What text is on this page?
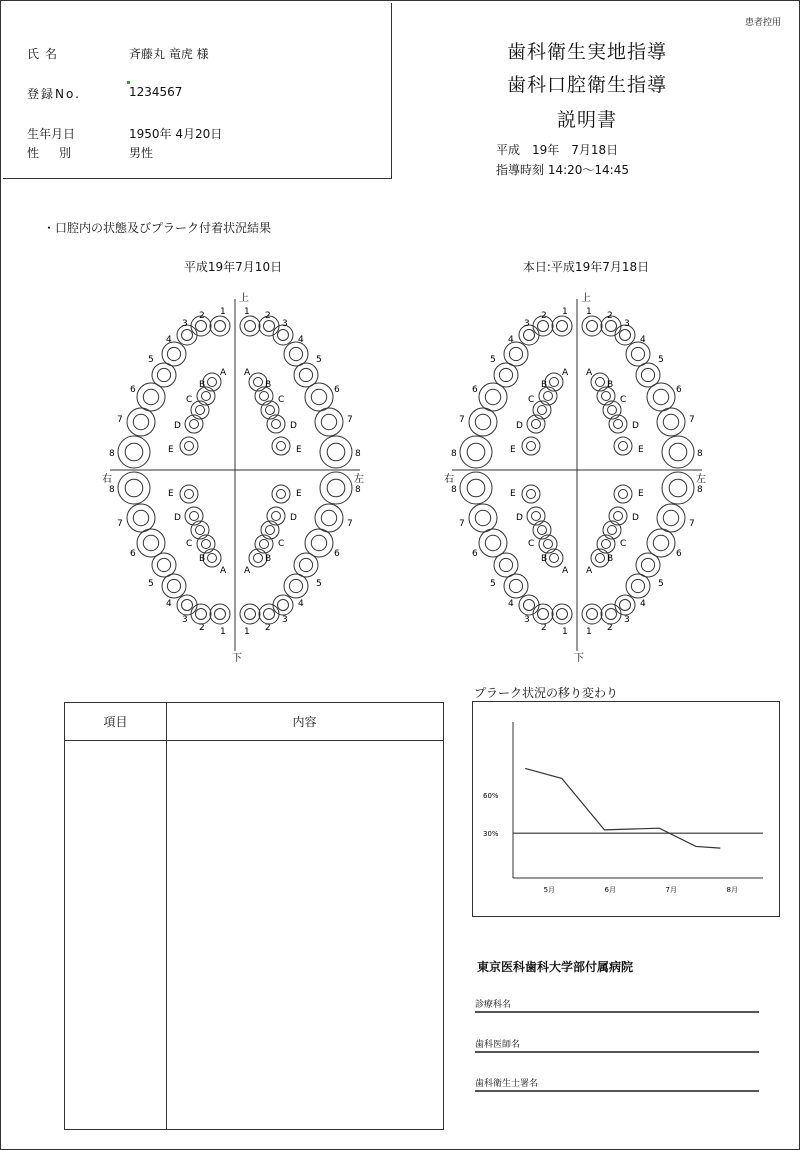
氏名	斉藤丸 竜虎 様
登録No.	1234567
生年月日	1950年 4月20日
性別	男性
患者控用
歯科衛生実地指導
歯科口腔衛生指導
説明書
平成　19年　7月18日
指導時刻 14:20～14:45
・口腔内の状態及びプラーク付着状況結果
平成19年7月10日	本日:平成19年7月18日
上
下
右	左
1
2
3
4
5
6
7
8
A
B
C
D
E
1
2
3
4
5
6
7
8
A
B
C
D
E
1 2
3
4
5
6
7
8
A
B
C
D
E
1 2
3
4
5
6
7
8
A
B
C
D
E
上
下
右	左
1
2
3
4
5
6
7
8
A
B
C
D
E
1
2
3
4
5
6
7
8
A
B
C
D
E
1 2
3
4
5
6
7
8
A
B
C
D
E
1 2
3
4
5
6
7
8
A
B
C
D
E
項目	内容
プラーク状況の移り変わり
60%
30%
5月	6月	7月	8月
東京医科歯科大学部付属病院
診療科名
歯科医師名
歯科衛生士署名
